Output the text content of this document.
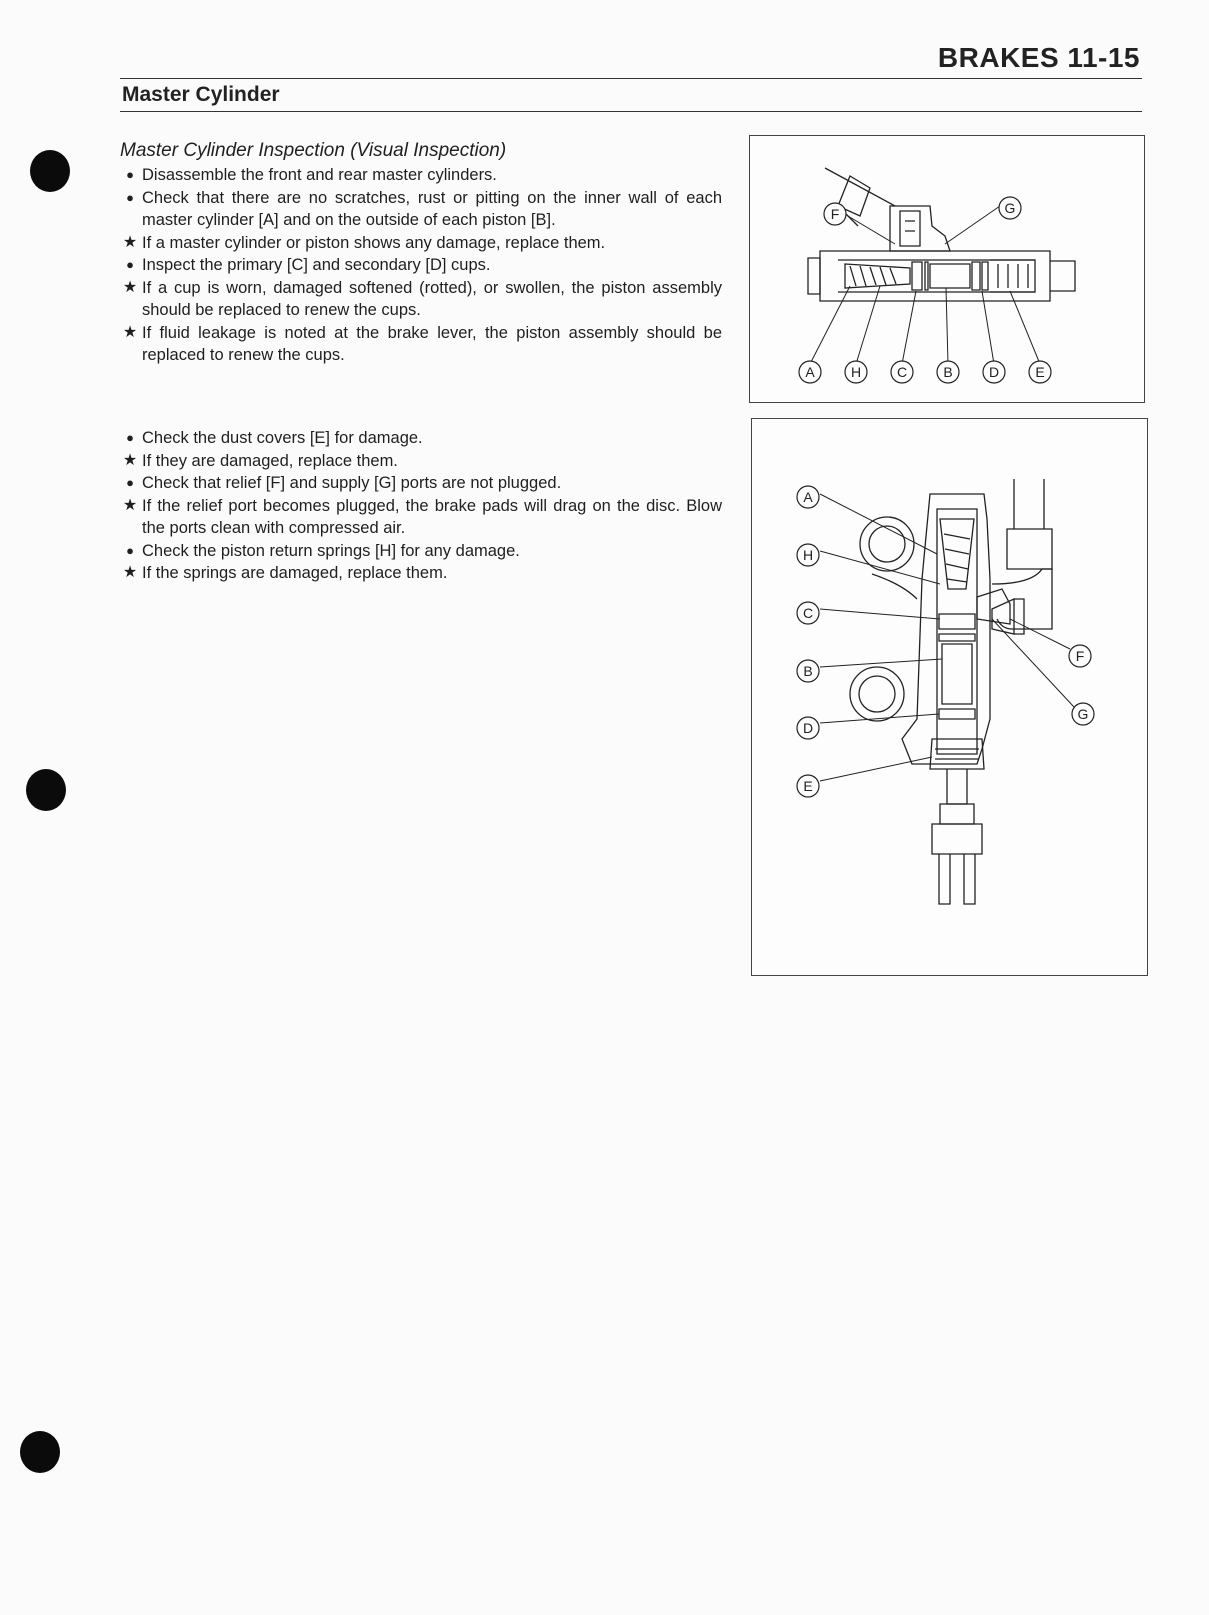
BRAKES 11-15
Master Cylinder
Master Cylinder Inspection (Visual Inspection)
● Disassemble the front and rear master cylinders.
● Check that there are no scratches, rust or pitting on the inner wall of each master cylinder [A] and on the outside of each piston [B].
★ If a master cylinder or piston shows any damage, replace them.
● Inspect the primary [C] and secondary [D] cups.
★ If a cup is worn, damaged softened (rotted), or swollen, the piston assembly should be replaced to renew the cups.
★ If fluid leakage is noted at the brake lever, the piston assembly should be replaced to renew the cups.
● Check the dust covers [E] for damage.
★ If they are damaged, replace them.
● Check that relief [F] and supply [G] ports are not plugged.
★ If the relief port becomes plugged, the brake pads will drag on the disc. Blow the ports clean with compressed air.
● Check the piston return springs [H] for any damage.
★ If the springs are damaged, replace them.
F	G
A	H	C	B	D	E
A
H
C
B
D
E
F
G
